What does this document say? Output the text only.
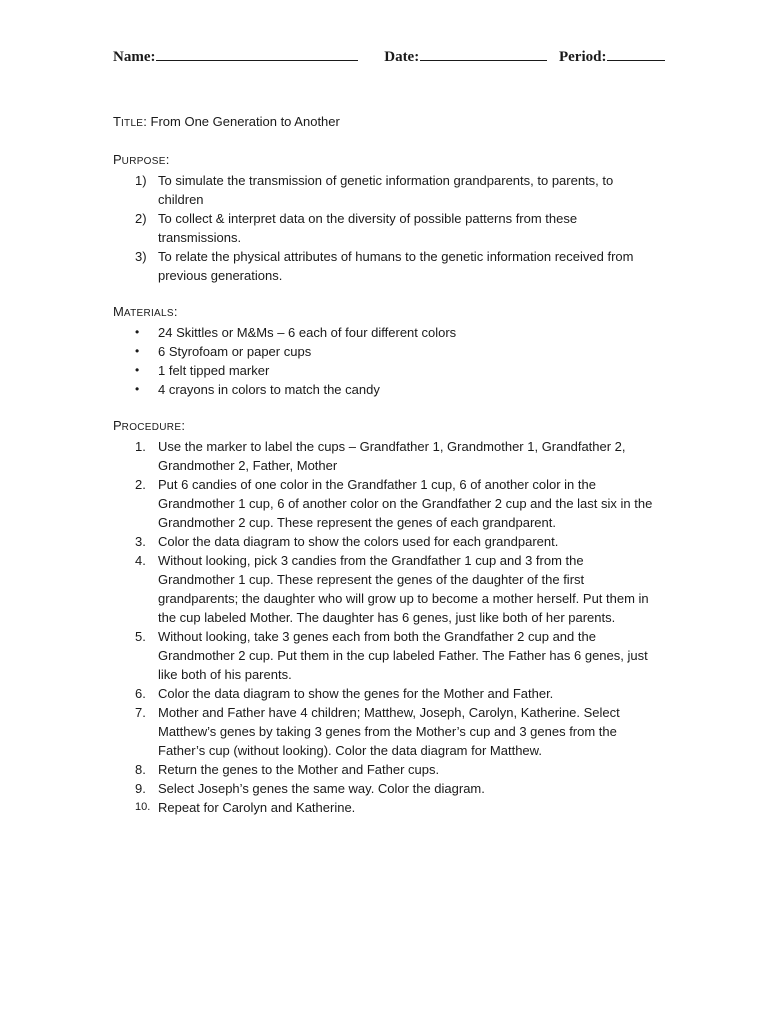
Name:	Date:	Period:
TITLE: From One Generation to Another
PURPOSE:
1) To simulate the transmission of genetic information grandparents, to parents, to children
2) To collect & interpret data on the diversity of possible patterns from these transmissions.
3) To relate the physical attributes of humans to the genetic information received from previous generations.
MATERIALS:
• 24 Skittles or M&Ms – 6 each of four different colors
• 6 Styrofoam or paper cups
• 1 felt tipped marker
• 4 crayons in colors to match the candy
PROCEDURE:
1. Use the marker to label the cups – Grandfather 1, Grandmother 1, Grandfather 2, Grandmother 2, Father, Mother
2. Put 6 candies of one color in the Grandfather 1 cup, 6 of another color in the Grandmother 1 cup, 6 of another color on the Grandfather 2 cup and the last six in the Grandmother 2 cup. These represent the genes of each grandparent.
3. Color the data diagram to show the colors used for each grandparent.
4. Without looking, pick 3 candies from the Grandfather 1 cup and 3 from the Grandmother 1 cup. These represent the genes of the daughter of the first grandparents; the daughter who will grow up to become a mother herself. Put them in the cup labeled Mother. The daughter has 6 genes, just like both of her parents.
5. Without looking, take 3 genes each from both the Grandfather 2 cup and the Grandmother 2 cup. Put them in the cup labeled Father. The Father has 6 genes, just like both of his parents.
6. Color the data diagram to show the genes for the Mother and Father.
7. Mother and Father have 4 children; Matthew, Joseph, Carolyn, Katherine. Select Matthew’s genes by taking 3 genes from the Mother’s cup and 3 genes from the Father’s cup (without looking). Color the data diagram for Matthew.
8. Return the genes to the Mother and Father cups.
9. Select Joseph’s genes the same way. Color the diagram.
10. Repeat for Carolyn and Katherine.
